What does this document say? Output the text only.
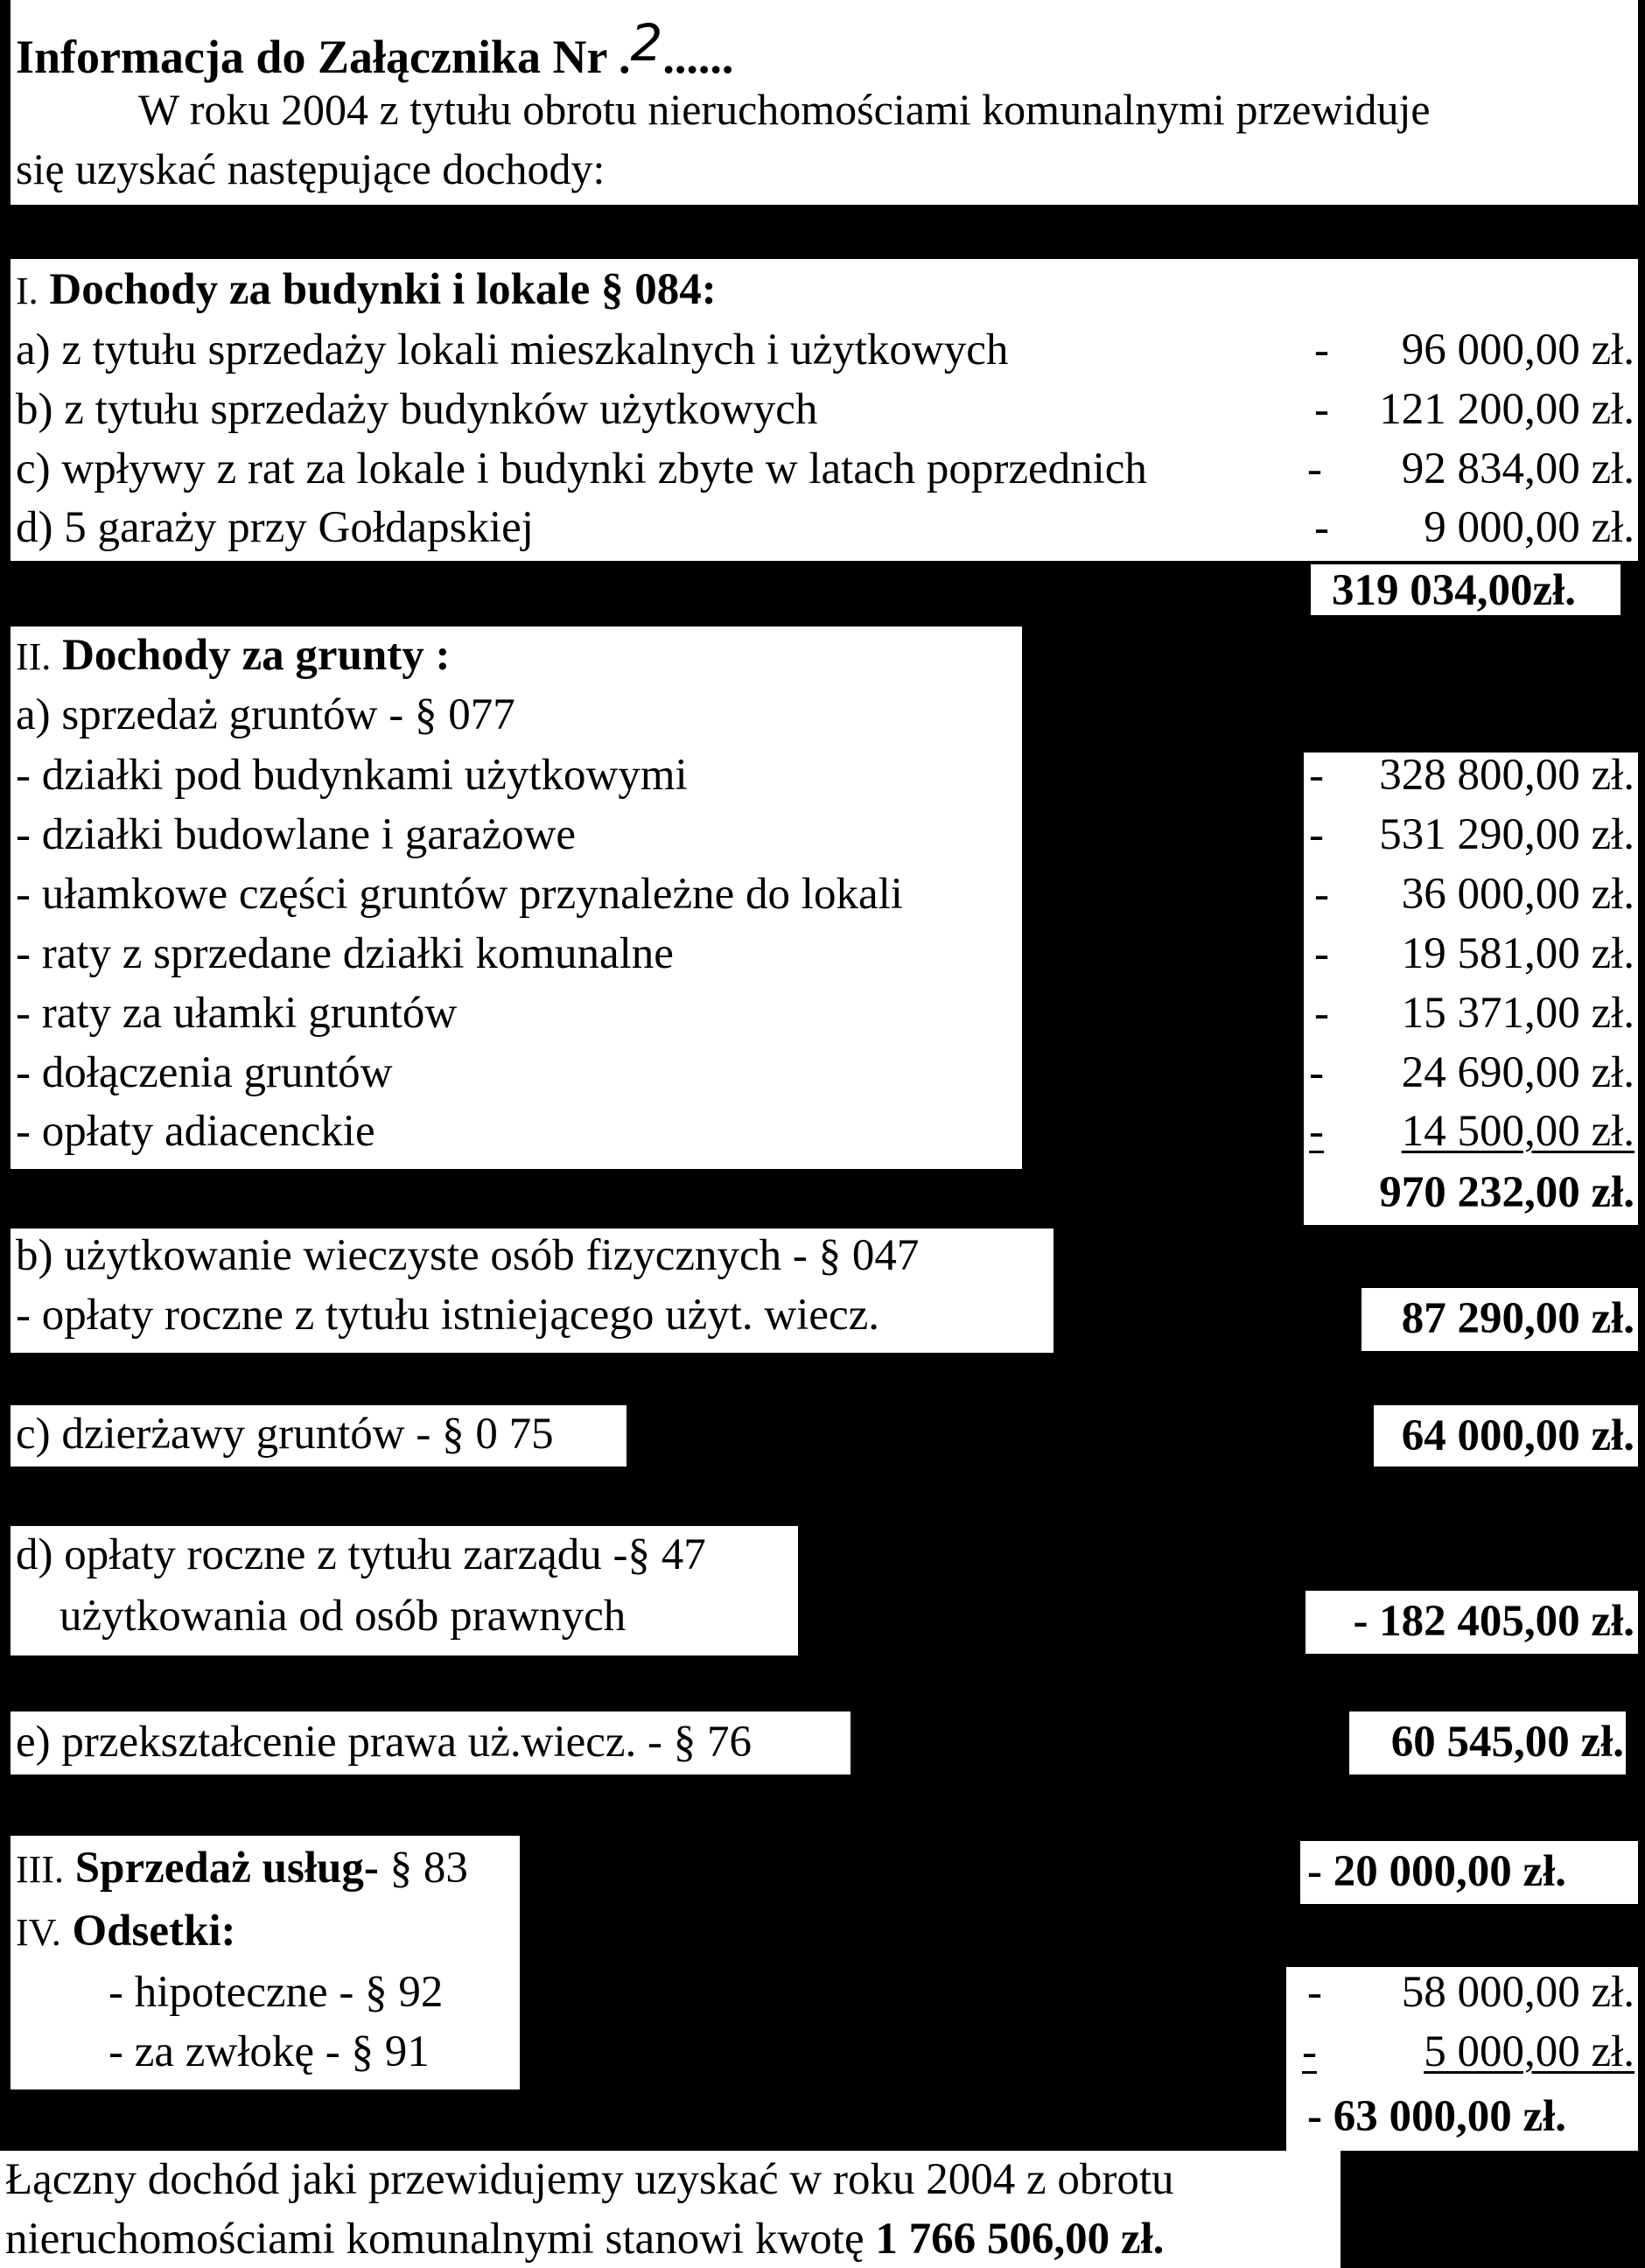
Informacja do Załącznika Nr .2......
W roku 2004 z tytułu obrotu nieruchomościami komunalnymi przewiduje
się uzyskać następujące dochody:
I. Dochody za budynki i lokale § 084:
a) z tytułu sprzedaży lokali mieszkalnych i użytkowych	- 96 000,00 zł.
b) z tytułu sprzedaży budynków użytkowych	- 121 200,00 zł.
c) wpływy z rat za lokale i budynki zbyte w latach poprzednich	- 92 834,00 zł.
d) 5 garaży przy Gołdapskiej	- 9 000,00 zł.
319 034,00zł.
II. Dochody za grunty :
a) sprzedaż gruntów - § 077
- działki pod budynkami użytkowymi	- 328 800,00 zł.
- działki budowlane i garażowe	- 531 290,00 zł.
- ułamkowe części gruntów przynależne do lokali	- 36 000,00 zł.
- raty z sprzedane działki komunalne	- 19 581,00 zł.
- raty za ułamki gruntów	- 15 371,00 zł.
- dołączenia gruntów	- 24 690,00 zł.
- opłaty adiacenckie	- 14 500,00 zł.
970 232,00 zł.
b) użytkowanie wieczyste osób fizycznych - § 047
- opłaty roczne z tytułu istniejącego użyt. wiecz.	87 290,00 zł.
c) dzierżawy gruntów - § 0 75	64 000,00 zł.
d) opłaty roczne z tytułu zarządu -§ 47
użytkowania od osób prawnych	- 182 405,00 zł.
e) przekształcenie prawa uż.wiecz. - § 76	60 545,00 zł.
III. Sprzedaż usług- § 83	- 20 000,00 zł.
IV. Odsetki:
- hipoteczne - § 92	- 58 000,00 zł.
- za zwłokę - § 91	- 5 000,00 zł.
- 63 000,00 zł.
Łączny dochód jaki przewidujemy uzyskać w roku 2004 z obrotu
nieruchomościami komunalnymi stanowi kwotę 1 766 506,00 zł.
